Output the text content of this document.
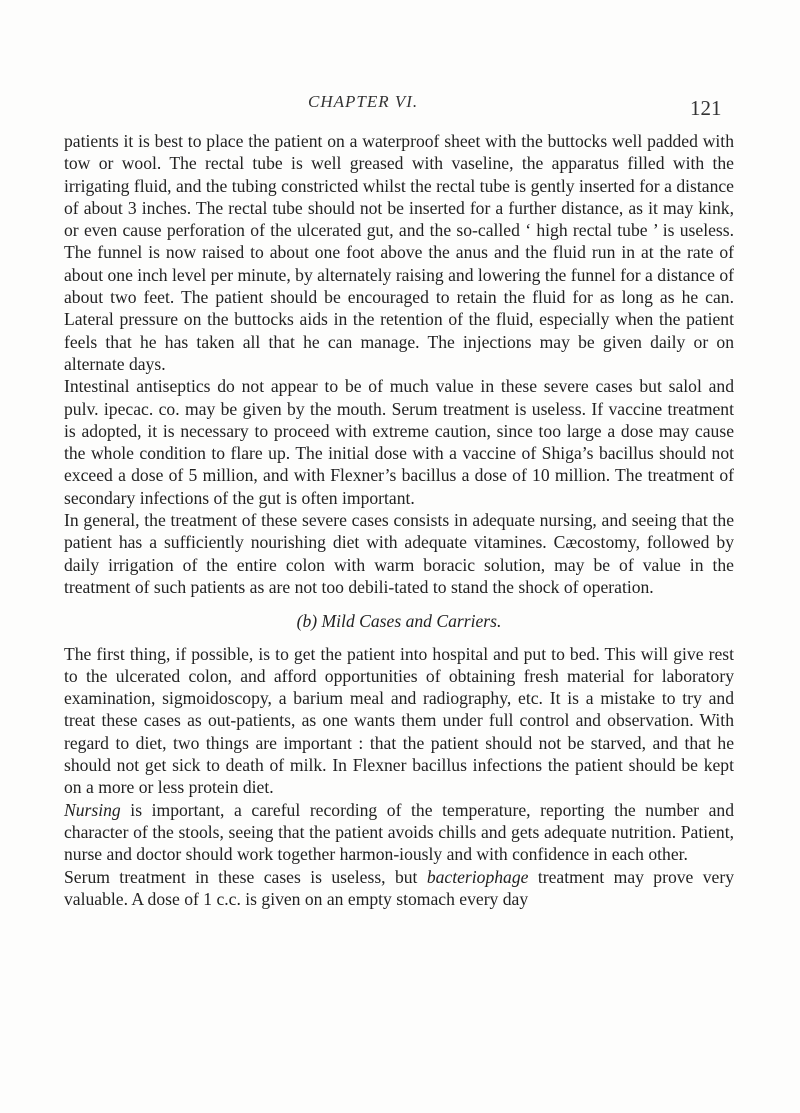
CHAPTER VI.	121

patients it is best to place the patient on a waterproof sheet with the buttocks well padded with tow or wool. The rectal tube is well greased with vaseline, the apparatus filled with the irrigating fluid, and the tubing constricted whilst the rectal tube is gently inserted for a distance of about 3 inches. The rectal tube should not be inserted for a further distance, as it may kink, or even cause perforation of the ulcerated gut, and the so-called ‘ high rectal tube ’ is useless. The funnel is now raised to about one foot above the anus and the fluid run in at the rate of about one inch level per minute, by alternately raising and lowering the funnel for a distance of about two feet. The patient should be encouraged to retain the fluid for as long as he can. Lateral pressure on the buttocks aids in the retention of the fluid, especially when the patient feels that he has taken all that he can manage. The injections may be given daily or on alternate days.

Intestinal antiseptics do not appear to be of much value in these severe cases but salol and pulv. ipecac. co. may be given by the mouth. Serum treatment is useless. If vaccine treatment is adopted, it is necessary to proceed with extreme caution, since too large a dose may cause the whole condition to flare up. The initial dose with a vaccine of Shiga’s bacillus should not exceed a dose of 5 million, and with Flexner’s bacillus a dose of 10 million. The treatment of secondary infections of the gut is often important.

In general, the treatment of these severe cases consists in adequate nursing, and seeing that the patient has a sufficiently nourishing diet with adequate vitamines. Cæcostomy, followed by daily irrigation of the entire colon with warm boracic solution, may be of value in the treatment of such patients as are not too debili-tated to stand the shock of operation.

(b) Mild Cases and Carriers.

The first thing, if possible, is to get the patient into hospital and put to bed. This will give rest to the ulcerated colon, and afford opportunities of obtaining fresh material for laboratory examination, sigmoidoscopy, a barium meal and radiography, etc. It is a mistake to try and treat these cases as out-patients, as one wants them under full control and observation. With regard to diet, two things are important : that the patient should not be starved, and that he should not get sick to death of milk. In Flexner bacillus infections the patient should be kept on a more or less protein diet.

Nursing is important, a careful recording of the temperature, reporting the number and character of the stools, seeing that the patient avoids chills and gets adequate nutrition. Patient, nurse and doctor should work together harmon-iously and with confidence in each other.

Serum treatment in these cases is useless, but bacteriophage treatment may prove very valuable. A dose of 1 c.c. is given on an empty stomach every day
